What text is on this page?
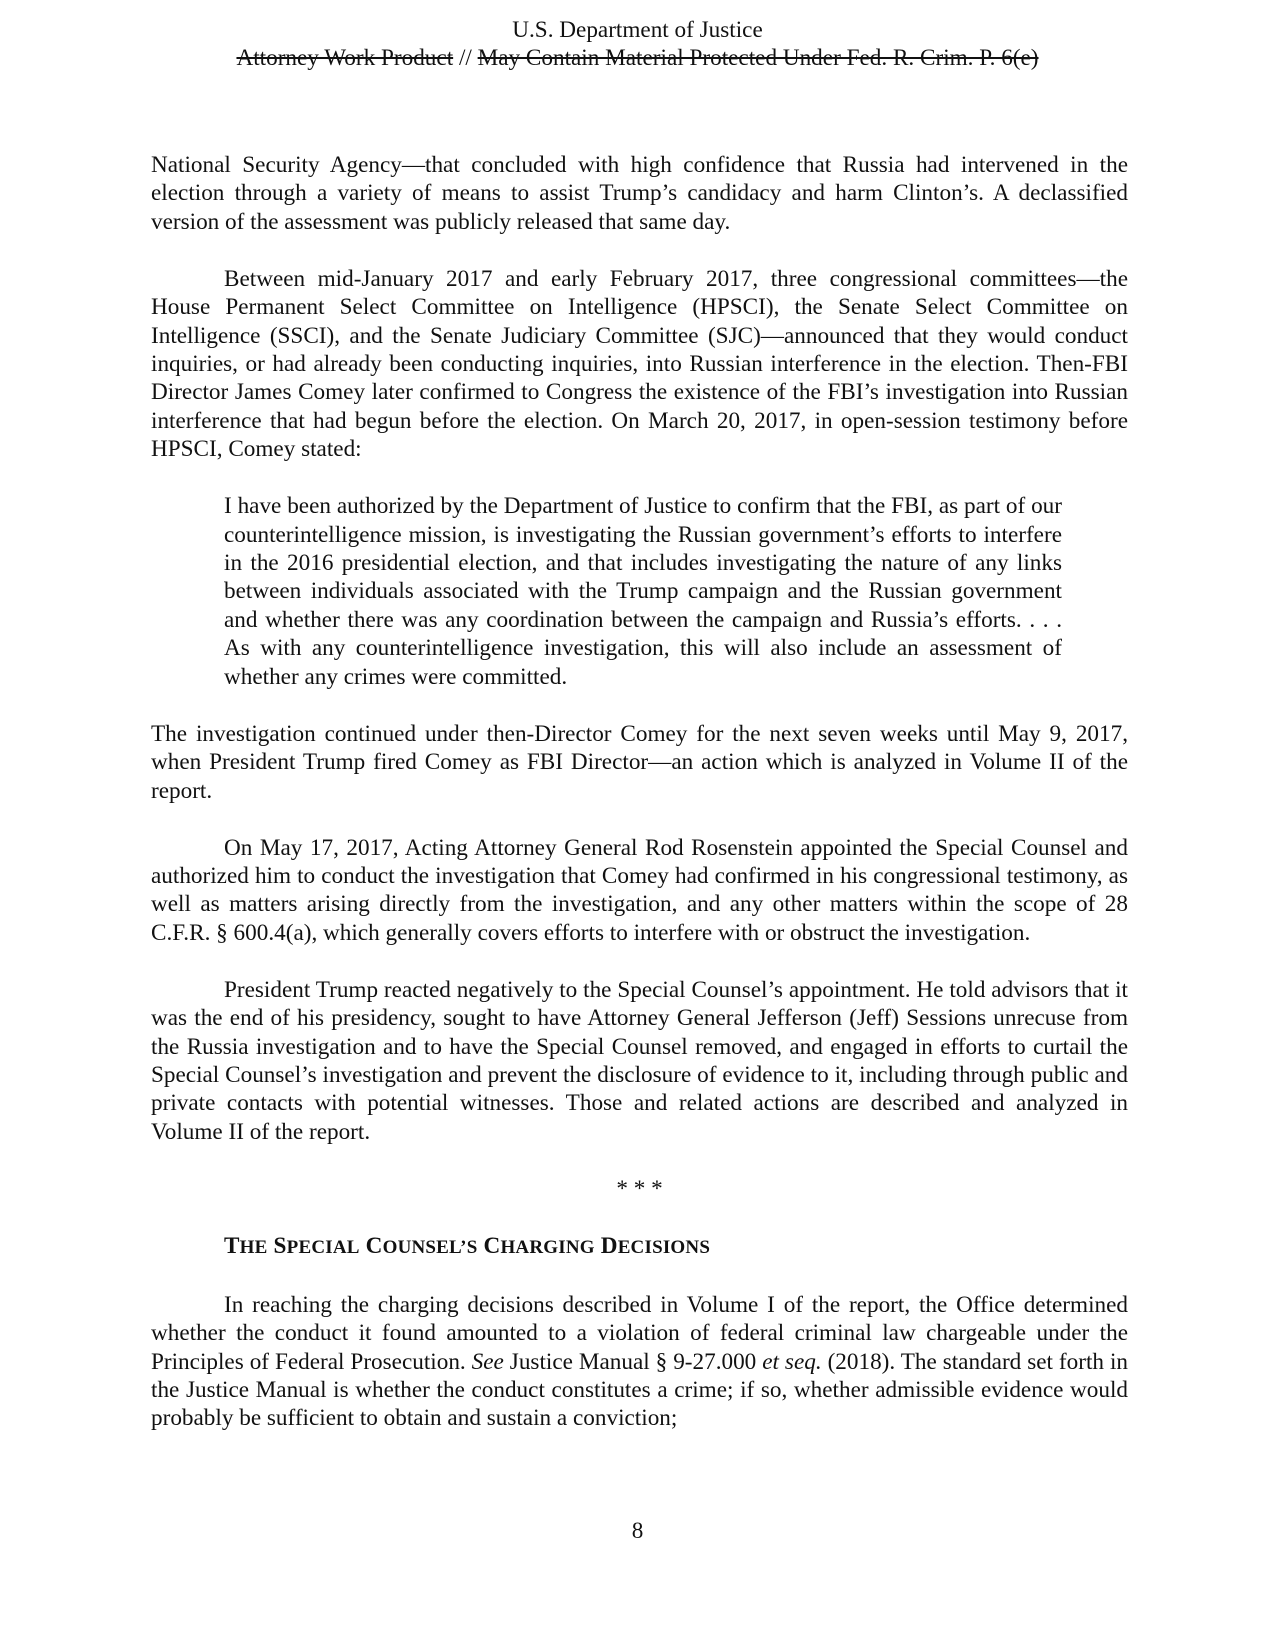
U.S. Department of Justice
Attorney Work Product // May Contain Material Protected Under Fed. R. Crim. P. 6(e)

National Security Agency—that concluded with high confidence that Russia had intervened in the election through a variety of means to assist Trump’s candidacy and harm Clinton’s. A declassified version of the assessment was publicly released that same day.

Between mid-January 2017 and early February 2017, three congressional committees—the House Permanent Select Committee on Intelligence (HPSCI), the Senate Select Committee on Intelligence (SSCI), and the Senate Judiciary Committee (SJC)—announced that they would conduct inquiries, or had already been conducting inquiries, into Russian interference in the election. Then-FBI Director James Comey later confirmed to Congress the existence of the FBI’s investigation into Russian interference that had begun before the election. On March 20, 2017, in open-session testimony before HPSCI, Comey stated:

I have been authorized by the Department of Justice to confirm that the FBI, as part of our counterintelligence mission, is investigating the Russian government’s efforts to interfere in the 2016 presidential election, and that includes investigating the nature of any links between individuals associated with the Trump campaign and the Russian government and whether there was any coordination between the campaign and Russia’s efforts. . . . As with any counterintelligence investigation, this will also include an assessment of whether any crimes were committed.

The investigation continued under then-Director Comey for the next seven weeks until May 9, 2017, when President Trump fired Comey as FBI Director—an action which is analyzed in Volume II of the report.

On May 17, 2017, Acting Attorney General Rod Rosenstein appointed the Special Counsel and authorized him to conduct the investigation that Comey had confirmed in his congressional testimony, as well as matters arising directly from the investigation, and any other matters within the scope of 28 C.F.R. § 600.4(a), which generally covers efforts to interfere with or obstruct the investigation.

President Trump reacted negatively to the Special Counsel’s appointment. He told advisors that it was the end of his presidency, sought to have Attorney General Jefferson (Jeff) Sessions unrecuse from the Russia investigation and to have the Special Counsel removed, and engaged in efforts to curtail the Special Counsel’s investigation and prevent the disclosure of evidence to it, including through public and private contacts with potential witnesses. Those and related actions are described and analyzed in Volume II of the report.

* * *
THE SPECIAL COUNSEL’S CHARGING DECISIONS

In reaching the charging decisions described in Volume I of the report, the Office determined whether the conduct it found amounted to a violation of federal criminal law chargeable under the Principles of Federal Prosecution. See Justice Manual § 9-27.000 et seq. (2018). The standard set forth in the Justice Manual is whether the conduct constitutes a crime; if so, whether admissible evidence would probably be sufficient to obtain and sustain a conviction;

8
